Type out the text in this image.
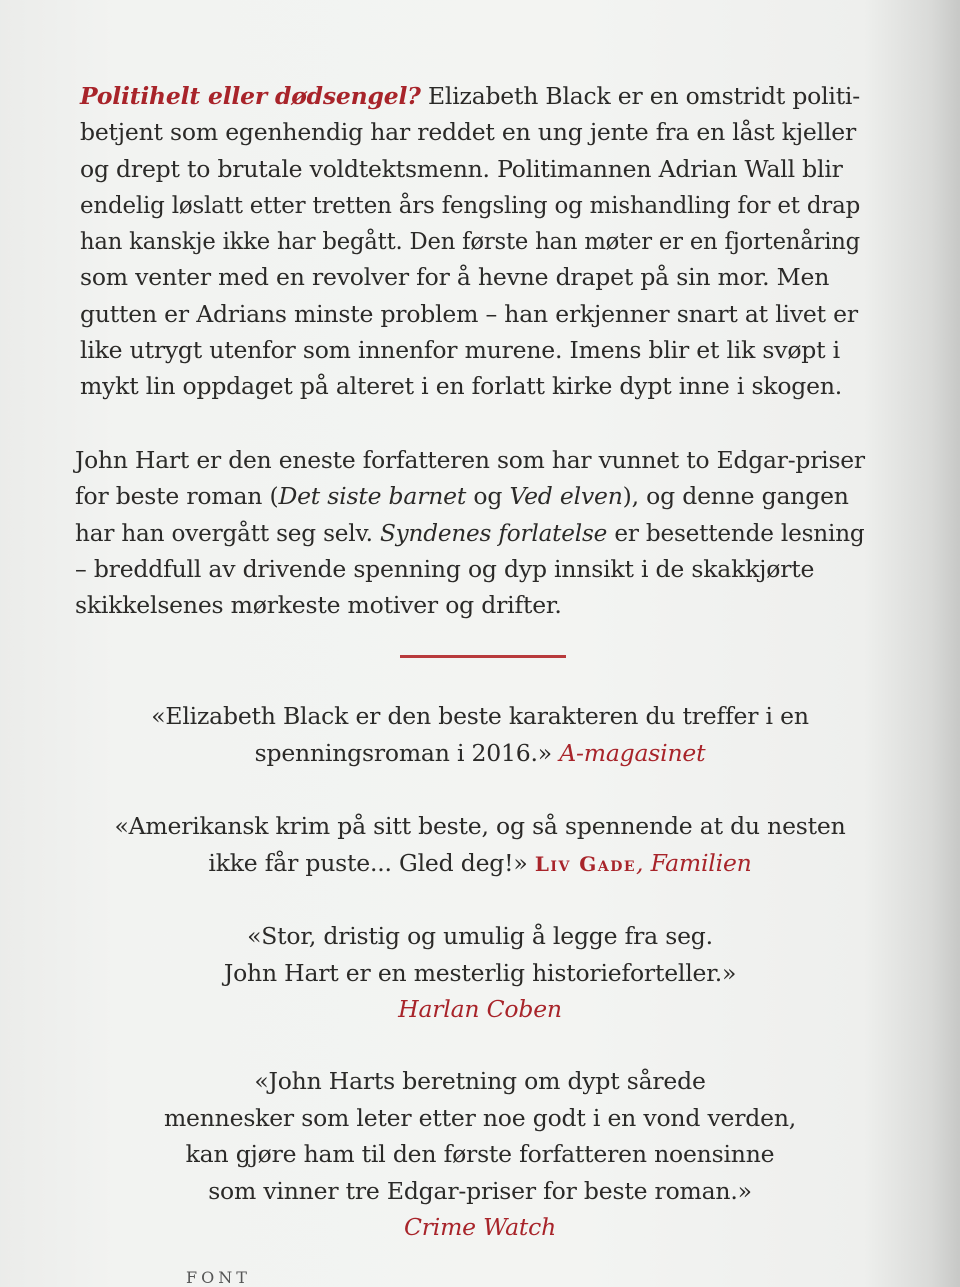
Politihelt eller dødsengel? Elizabeth Black er en omstridt politi-
betjent som egenhendig har reddet en ung jente fra en låst kjeller
og drept to brutale voldtektsmenn. Politimannen Adrian Wall blir
endelig løslatt etter tretten års fengsling og mishandling for et drap
han kanskje ikke har begått. Den første han møter er en fjortenåring
som venter med en revolver for å hevne drapet på sin mor. Men
gutten er Adrians minste problem – han erkjenner snart at livet er
like utrygt utenfor som innenfor murene. Imens blir et lik svøpt i
mykt lin oppdaget på alteret i en forlatt kirke dypt inne i skogen.
John Hart er den eneste forfatteren som har vunnet to Edgar-priser
for beste roman (Det siste barnet og Ved elven), og denne gangen
har han overgått seg selv. Syndenes forlatelse er besettende lesning
– breddfull av drivende spenning og dyp innsikt i de skakkjørte
skikkelsenes mørkeste motiver og drifter.
«Elizabeth Black er den beste karakteren du treffer i en
spenningsroman i 2016.» A-magasinet
«Amerikansk krim på sitt beste, og så spennende at du nesten
ikke får puste... Gled deg!» Liv Gade, Familien
«Stor, dristig og umulig å legge fra seg.
John Hart er en mesterlig historieforteller.»
Harlan Coben
«John Harts beretning om dypt sårede
mennesker som leter etter noe godt i en vond verden,
kan gjøre ham til den første forfatteren noensinne
som vinner tre Edgar-priser for beste roman.»
Crime Watch
FONT
